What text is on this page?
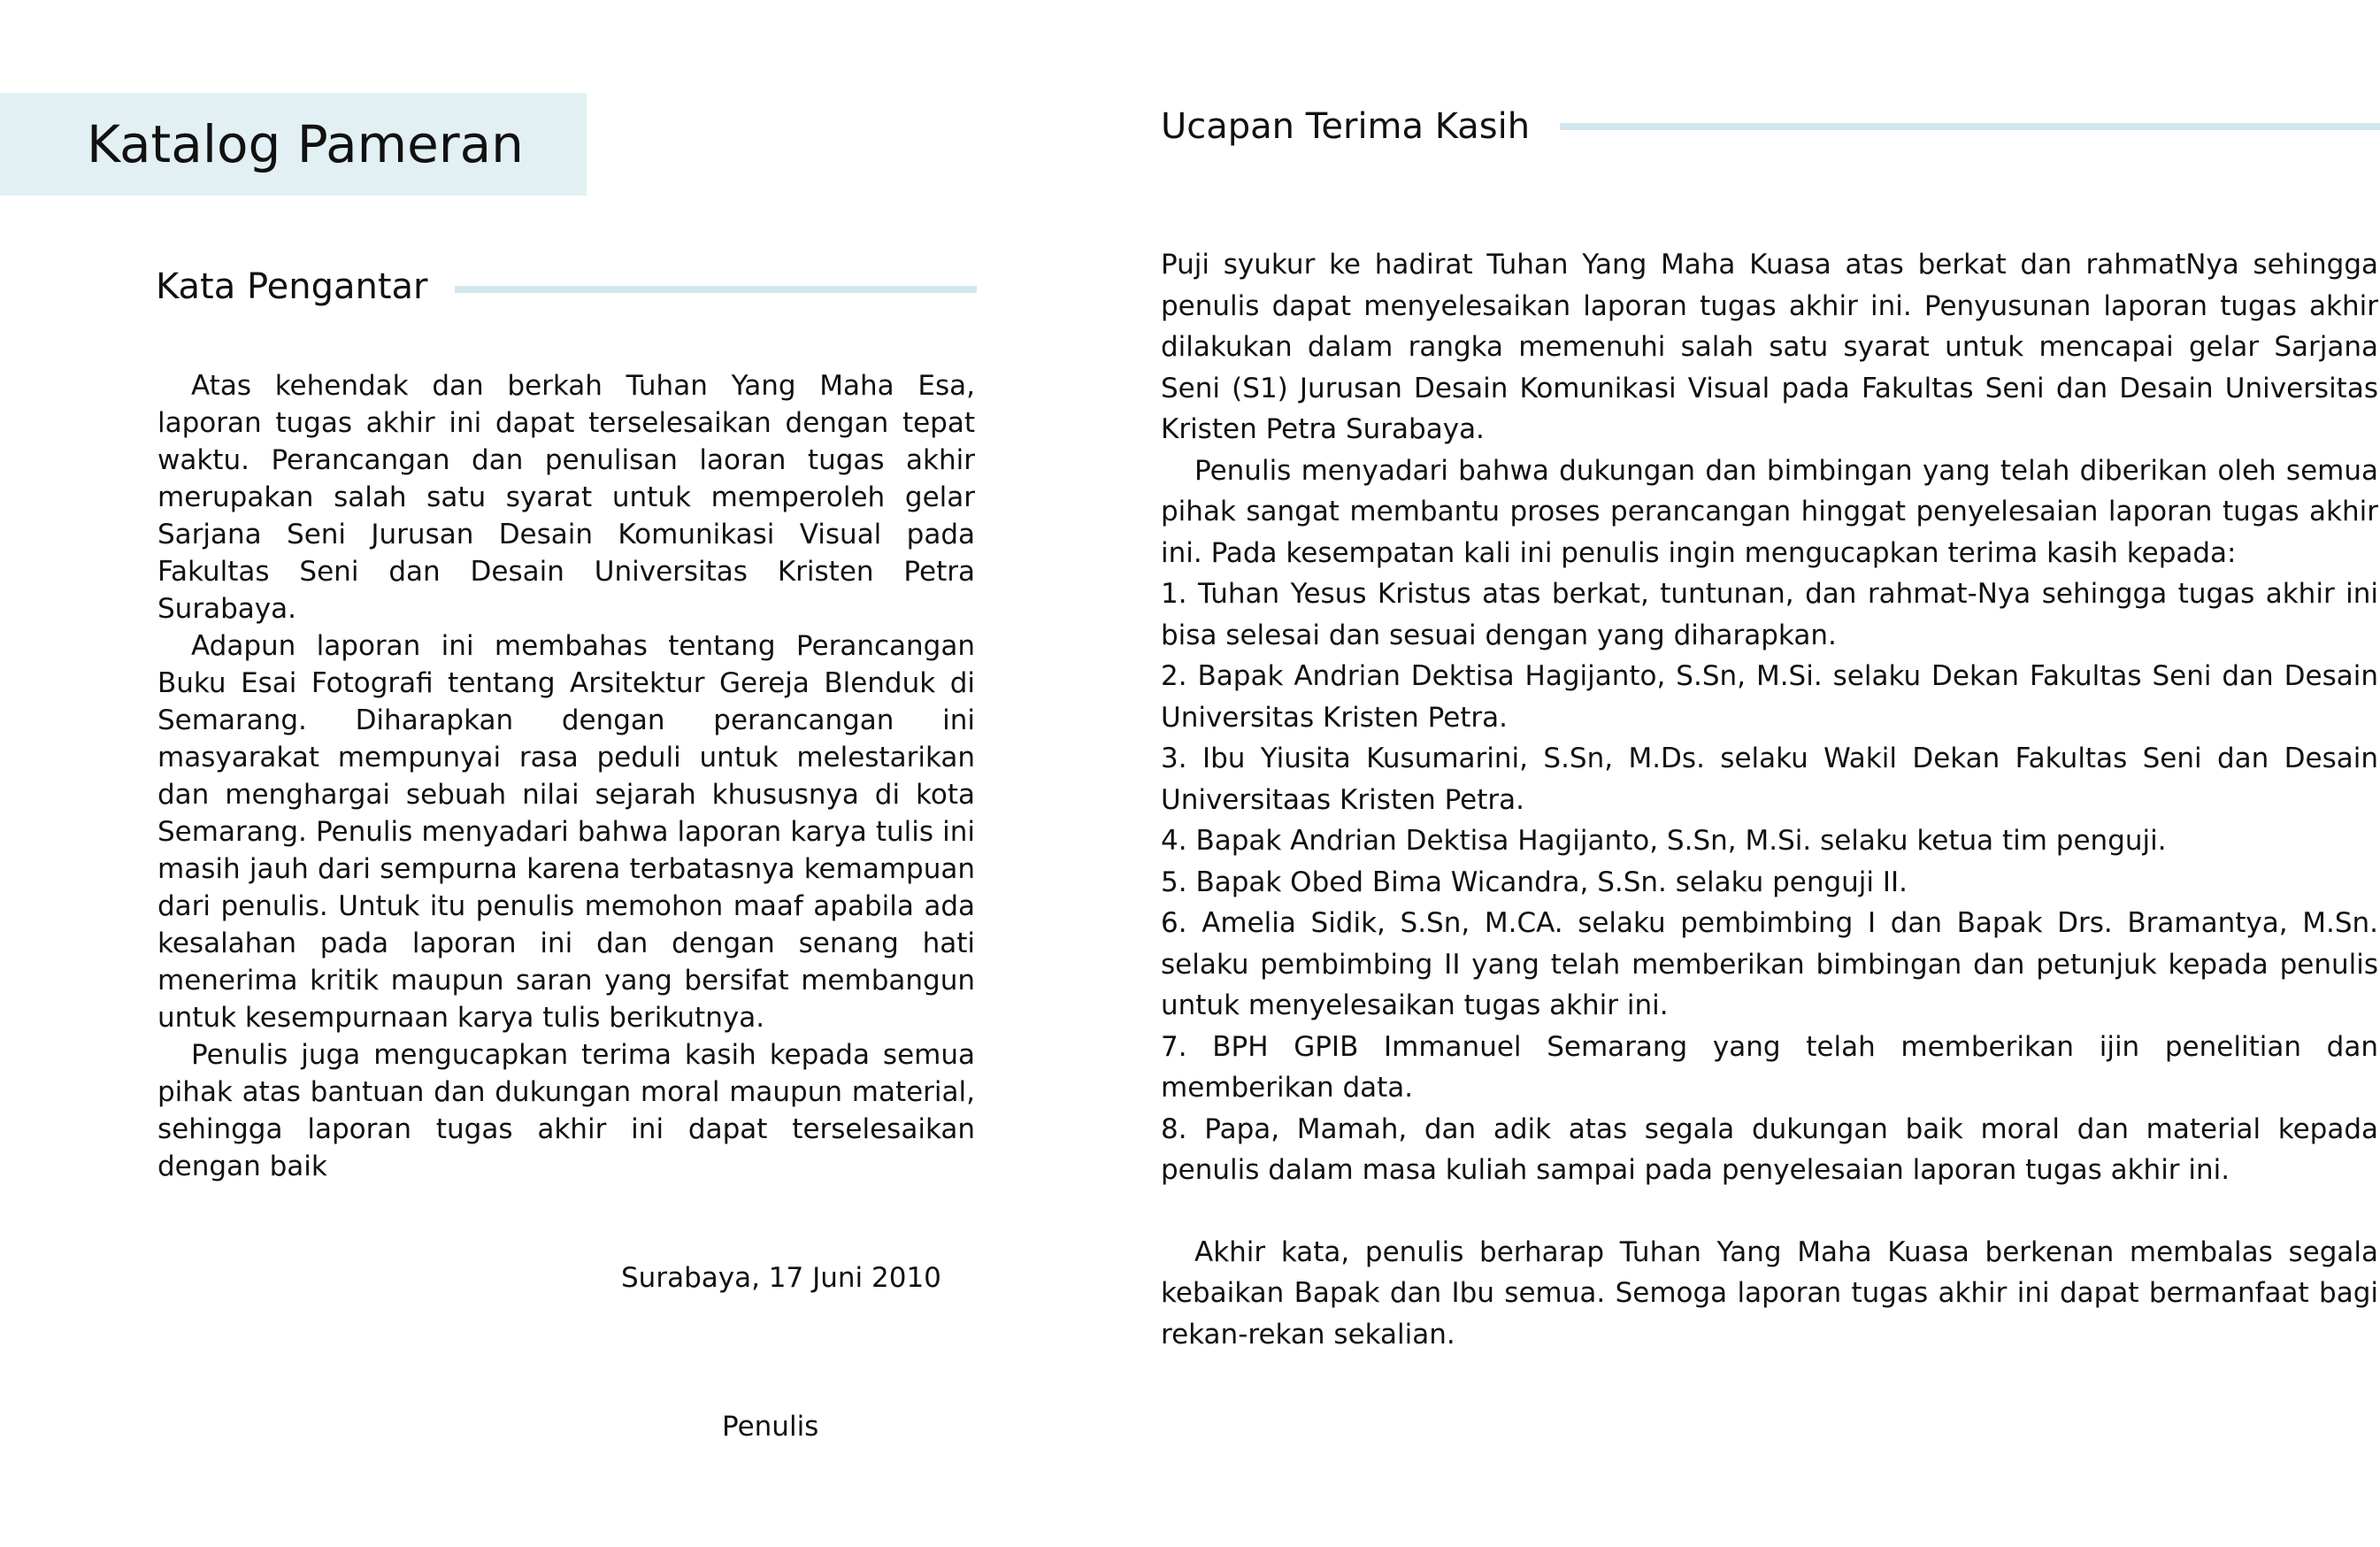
Katalog Pameran
Kata Pengantar

Atas kehendak dan berkah Tuhan Yang Maha Esa, laporan tugas akhir ini dapat terselesaikan dengan tepat waktu. Perancangan dan penulisan laoran tugas akhir merupakan salah satu syarat untuk memperoleh gelar Sarjana Seni Jurusan Desain Komunikasi Visual pada Fakultas Seni dan Desain Universitas Kristen Petra Surabaya.

Adapun laporan ini membahas tentang Perancangan Buku Esai Fotografi tentang Arsitektur Gereja Blenduk di Semarang. Diharapkan dengan perancangan ini masyarakat mempunyai rasa peduli untuk melestarikan dan menghargai sebuah nilai sejarah khususnya di kota Semarang. Penulis menyadari bahwa laporan karya tulis ini masih jauh dari sempurna karena terbatasnya kemampuan dari penulis. Untuk itu penulis memohon maaf apabila ada kesalahan pada laporan ini dan dengan senang hati menerima kritik maupun saran yang bersifat membangun untuk kesempurnaan karya tulis berikutnya.

Penulis juga mengucapkan terima kasih kepada semua pihak atas bantuan dan dukungan moral maupun material, sehingga laporan tugas akhir ini dapat terselesaikan dengan baik

Surabaya, 17 Juni 2010
Penulis
Ucapan Terima Kasih

Puji syukur ke hadirat Tuhan Yang Maha Kuasa atas berkat dan rahmatNya sehingga penulis dapat menyelesaikan laporan tugas akhir ini. Penyusunan laporan tugas akhir dilakukan dalam rangka memenuhi salah satu syarat untuk mencapai gelar Sarjana Seni (S1) Jurusan Desain Komunikasi Visual pada Fakultas Seni dan Desain Universitas Kristen Petra Surabaya.

Penulis menyadari bahwa dukungan dan bimbingan yang telah diberikan oleh semua pihak sangat membantu proses perancangan hinggat penyelesaian laporan tugas akhir ini. Pada kesempatan kali ini penulis ingin mengucapkan terima kasih kepada:

1. Tuhan Yesus Kristus atas berkat, tuntunan, dan rahmat-Nya sehingga tugas akhir ini bisa selesai dan sesuai dengan yang diharapkan.
2. Bapak Andrian Dektisa Hagijanto, S.Sn, M.Si. selaku Dekan Fakultas Seni dan Desain Universitas Kristen Petra.
3. Ibu Yiusita Kusumarini, S.Sn, M.Ds. selaku Wakil Dekan Fakultas Seni dan Desain Universitaas Kristen Petra.
4. Bapak Andrian Dektisa Hagijanto, S.Sn, M.Si. selaku ketua tim penguji.
5. Bapak Obed Bima Wicandra, S.Sn. selaku penguji II.
6. Amelia Sidik, S.Sn, M.CA. selaku pembimbing I dan Bapak Drs. Bramantya, M.Sn. selaku pembimbing II yang telah memberikan bimbingan dan petunjuk kepada penulis untuk menyelesaikan tugas akhir ini.
7. BPH GPIB Immanuel Semarang yang telah memberikan ijin penelitian dan memberikan data.
8. Papa, Mamah, dan adik atas segala dukungan baik moral dan material kepada penulis dalam masa kuliah sampai pada penyelesaian laporan tugas akhir ini.

Akhir kata, penulis berharap Tuhan Yang Maha Kuasa berkenan membalas segala kebaikan Bapak dan Ibu semua. Semoga laporan tugas akhir ini dapat bermanfaat bagi rekan-rekan sekalian.
